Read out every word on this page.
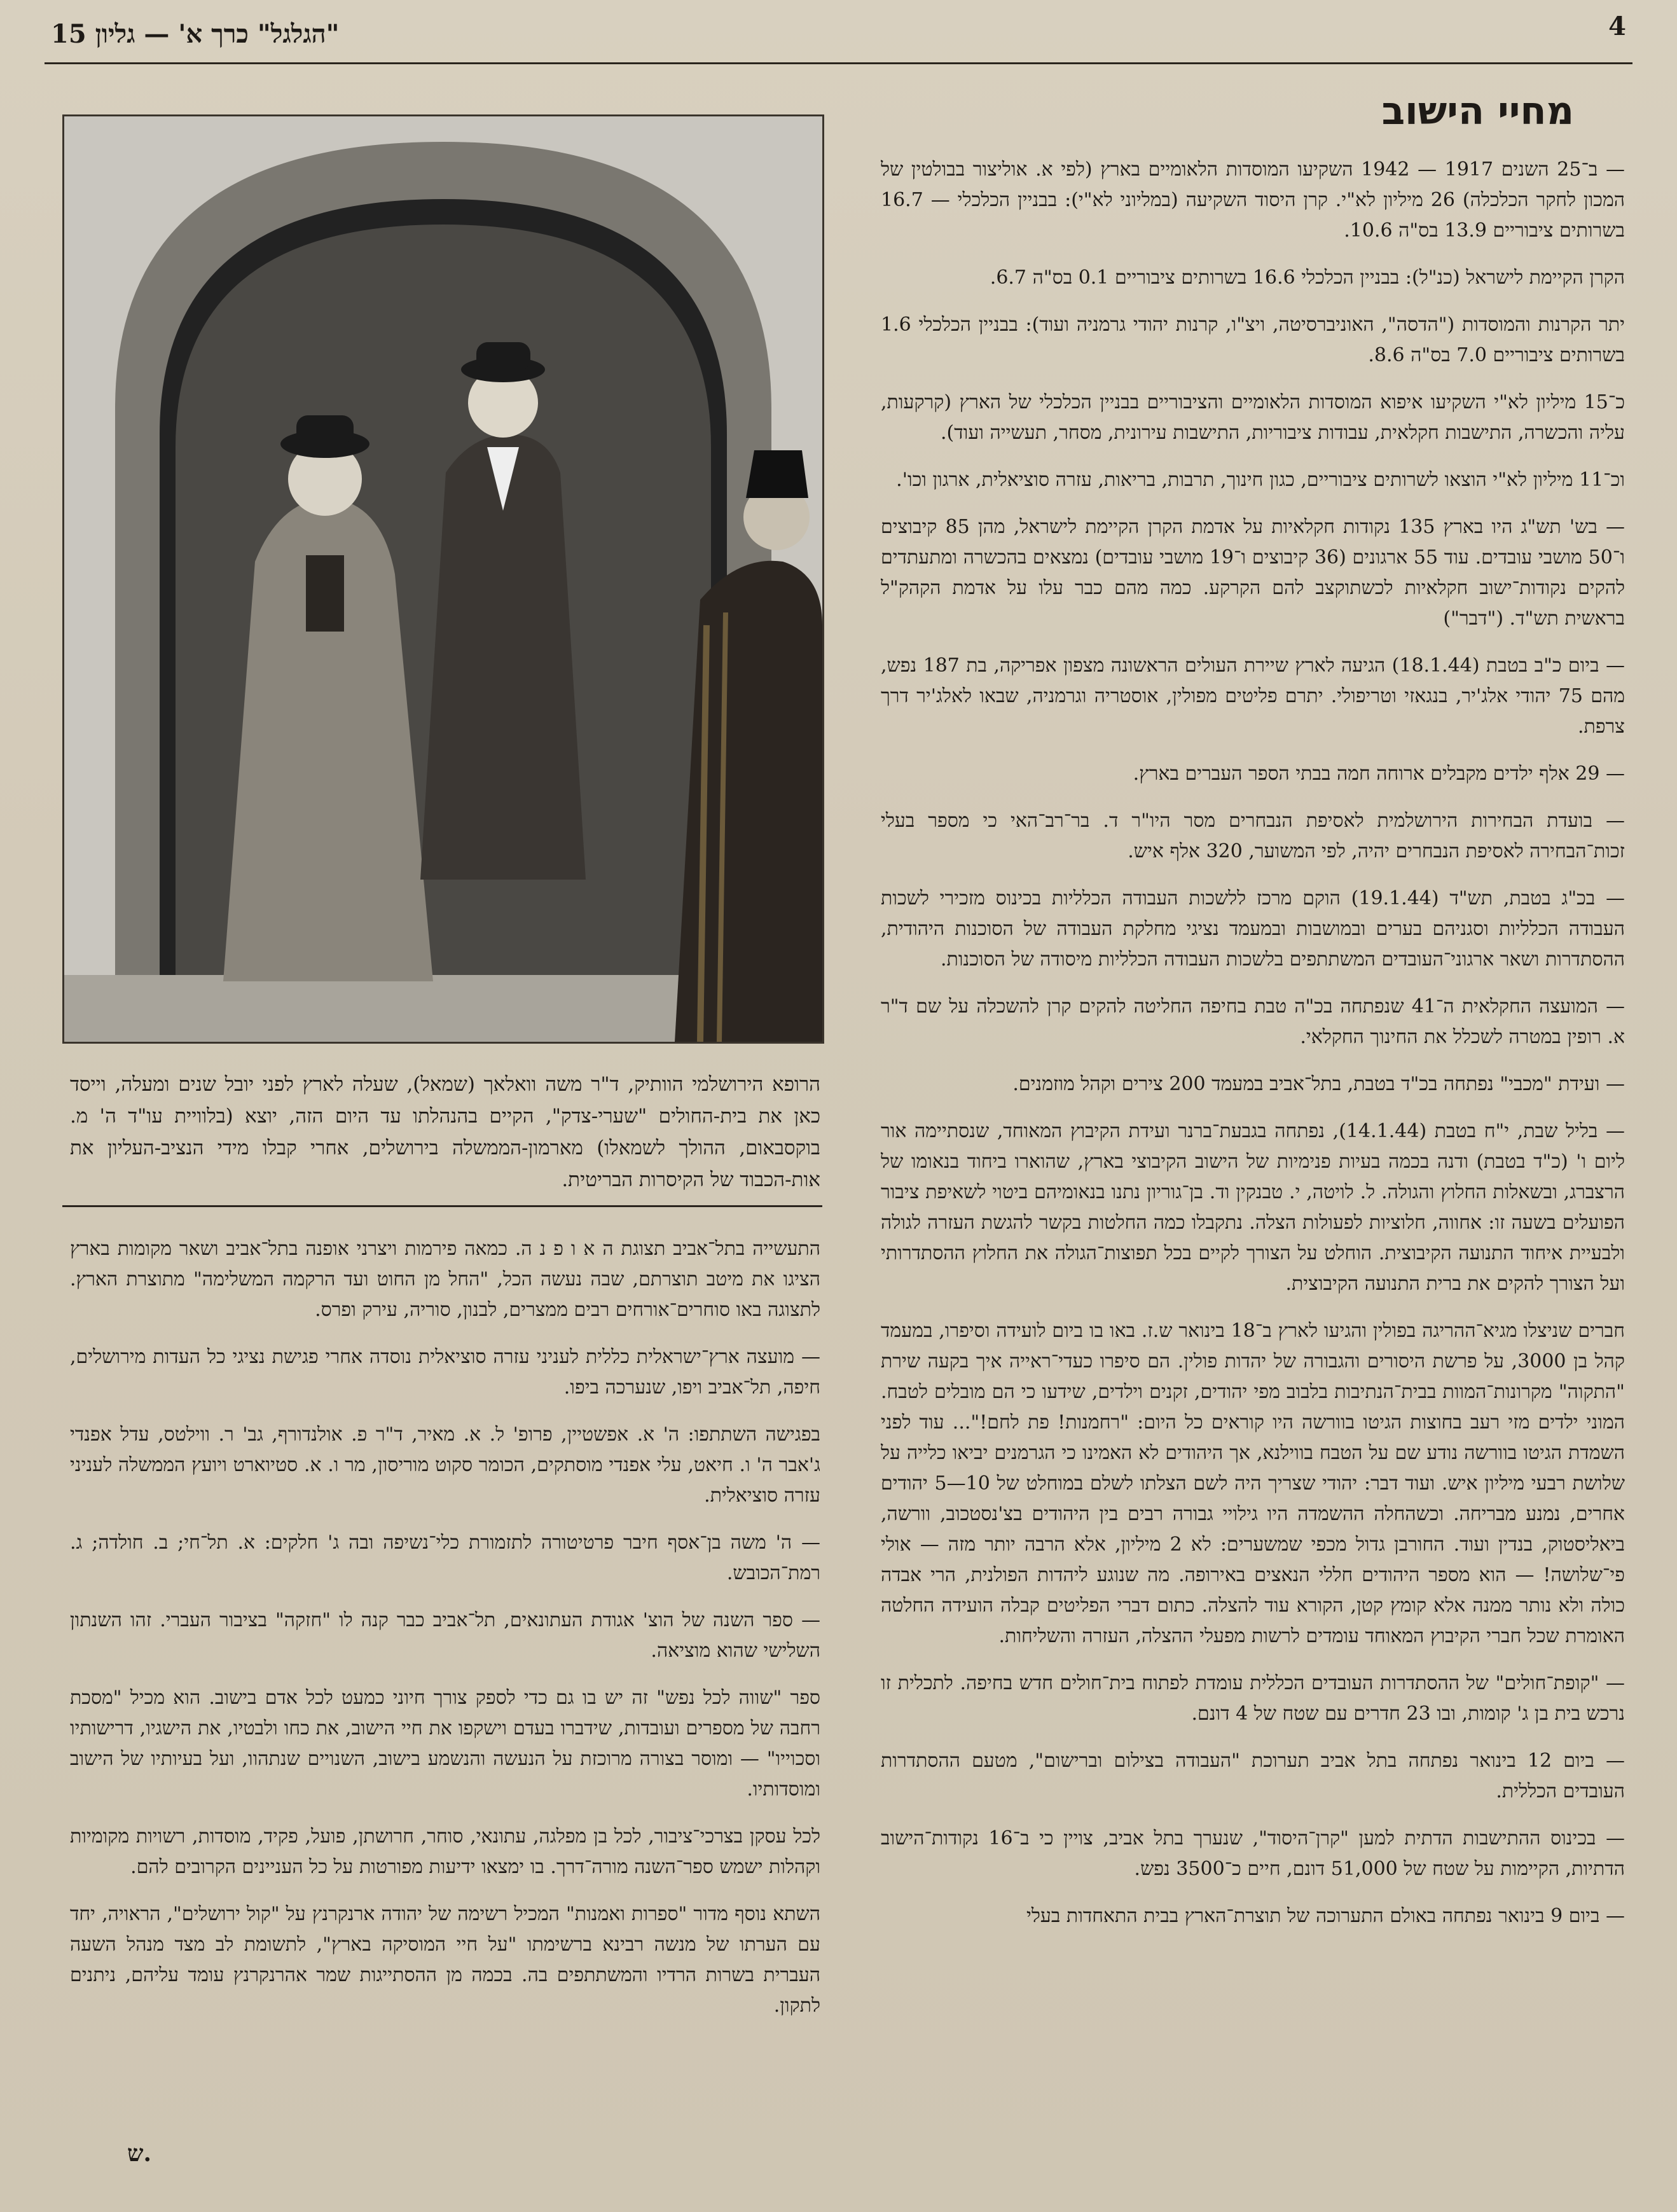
"הגלגל" כרך א' — גליון 15	4
הרופא הירושלמי הוותיק, ד"ר משה וואלאך (שמאל), שעלה לארץ לפני יובל שנים ומעלה, וייסד כאן את בית-החולים "שערי-צדק", הקיים בהנהלתו עד היום הזה, יוצא (בלוויית עו"ד ה' מ. בוקסבאום, ההולך לשמאלו) מארמון-הממשלה בירושלים, אחרי קבלו מידי הנציב-העליון את אות-הכבוד של הקיסרות הבריטית.
מחיי הישוב

— ב־25 השנים 1917 — 1942 השקיעו המוסדות הלאומיים בארץ (לפי א. אוליצור בבולטין של המכון לחקר הכלכלה) 26 מיליון לא"י. קרן היסוד השקיעה (במליוני לא"י): בבניין הכלכלי — 16.7 בשרותים ציבוריים 13.9 בס"ה 10.6.

הקרן הקיימת לישראל (כנ"ל): בבניין הכלכלי 16.6 בשרותים ציבוריים 0.1 בס"ה 6.7.

יתר הקרנות והמוסדות ("הדסה", האוניברסיטה, ויצ"ו, קרנות יהודי גרמניה ועוד): בבניין הכלכלי 1.6 בשרותים ציבוריים 7.0 בס"ה 8.6.

כ־15 מיליון לא"י השקיעו איפוא המוסדות הלאומיים והציבוריים בבניין הכלכלי של הארץ (קרקעות, עליה והכשרה, התישבות חקלאית, עבודות ציבוריות, התישבות עירונית, מסחר, תעשייה ועוד).

וכ־11 מיליון לא"י הוצאו לשרותים ציבוריים, כגון חינוך, תרבות, בריאות, עזרה סוציאלית, ארגון וכו'.

— בש' תש"ג היו בארץ 135 נקודות חקלאיות על אדמת הקרן הקיימת לישראל, מהן 85 קיבוצים ו־50 מושבי עובדים. עוד 55 ארגונים (36 קיבוצים ו־19 מושבי עובדים) נמצאים בהכשרה ומתעתדים להקים נקודות־ישוב חקלאיות לכשתוקצב להם הקרקע. כמה מהם כבר עלו על אדמת הקהק"ל בראשית תש"ד. ("דבר")

— ביום כ"ב בטבת (18.1.44) הגיעה לארץ שיירת העולים הראשונה מצפון אפריקה, בת 187 נפש, מהם 75 יהודי אלג'יר, בנגאזי וטריפולי. יתרם פליטים מפולין, אוסטריה וגרמניה, שבאו לאלג'יר דרך צרפת.

— 29 אלף ילדים מקבלים ארוחה חמה בבתי הספר העברים בארץ.

— בועדת הבחירות הירושלמית לאסיפת הנבחרים מסר היו"ר ד. בר־רב־האי כי מספר בעלי זכות־הבחירה לאסיפת הנבחרים יהיה, לפי המשוער, 320 אלף איש.

— בכ"ג בטבת, תש"ד (19.1.44) הוקם מרכז ללשכות העבודה הכלליות בכינוס מזכירי לשכות העבודה הכלליות וסגניהם בערים ובמושבות ובמעמד נציגי מחלקת העבודה של הסוכנות היהודית, ההסתדרות ושאר ארגוני־העובדים המשתתפים בלשכות העבודה הכלליות מיסודה של הסוכנות.

— המועצה החקלאית ה־41 שנפתחה בכ"ה טבת בחיפה החליטה להקים קרן להשכלה על שם ד"ר א. רופין במטרה לשכלל את החינוך החקלאי.

— ועידת "מכבי" נפתחה בכ"ד בטבת, בתל־אביב במעמד 200 צירים וקהל מוזמנים.

— בליל שבת, י"ח בטבת (14.1.44), נפתחה בגבעת־ברנר ועידת הקיבוץ המאוחד, שנסתיימה אור ליום ו' (כ"ד בטבת) ודנה בכמה בעיות פנימיות של הישוב הקיבוצי בארץ, שהוארו ביחוד בנאומו של הרצברג, ובשאלות החלוץ והגולה. ל. לויטה, י. טבנקין וד. בן־גוריון נתנו בנאומיהם ביטוי לשאיפת ציבור הפועלים בשעה זו: אחווה, חלוציות לפעולות הצלה. נתקבלו כמה החלטות בקשר להגשת העזרה לגולה ולבעיית איחוד התנועה הקיבוצית. הוחלט על הצורך לקיים בכל תפוצות־הגולה את החלוץ ההסתדרותי ועל הצורך להקים את ברית התנועה הקיבוצית.

חברים שניצלו מגיא־ההריגה בפולין והגיעו לארץ ב־18 בינואר ש.ז. באו בו ביום לועידה וסיפרו, במעמד קהל בן 3000, על פרשת היסורים והגבורה של יהדות פולין. הם סיפרו כעדי־ראייה איך בקעה שירת "התקוה" מקרונות־המוות בבית־הנתיבות בלבוב מפי יהודים, זקנים וילדים, שידעו כי הם מובלים לטבח. המוני ילדים מזי רעב בחוצות הגיטו בוורשה היו קוראים כל היום: "רחמנות! פת לחם!"... עוד לפני השמדת הגיטו בוורשה נודע שם על הטבח בווילנא, אך היהודים לא האמינו כי הגרמנים יביאו כלייה על שלושת רבעי מיליון איש. ועוד דבר: יהודי שצריך היה לשם הצלתו לשלם במוחלט של 10—5 יהודים אחרים, נמנע מבריחה. וכשהחלה ההשמדה היו גילויי גבורה רבים בין היהודים בצ'נסטכוב, וורשה, ביאליסטוק, בנדין ועוד. החורבן גדול מכפי שמשערים: לא 2 מיליון, אלא הרבה יותר מזה — אולי פי־שלושה! — הוא מספר היהודים חללי הנאצים באירופה. מה שנוגע ליהדות הפולנית, הרי אבדה כולה ולא נותר ממנה אלא קומץ קטן, הקורא עוד להצלה. כתום דברי הפליטים קבלה הועידה החלטה האומרת שכל חברי הקיבוץ המאוחד עומדים לרשות מפעלי ההצלה, העזרה והשליחות.

— "קופת־חולים" של ההסתדרות העובדים הכללית עומדת לפתוח בית־חולים חדש בחיפה. לתכלית זו נרכש בית בן ג' קומות, ובו 23 חדרים עם שטח של 4 דונם.

— ביום 12 בינואר נפתחה בתל אביב תערוכת "העבודה בצילום וברישום", מטעם ההסתדרות העובדים הכללית.

— בכינוס ההתישבות הדתית למען "קרן־היסוד", שנערך בתל אביב, צויין כי ב־16 נקודות־הישוב הדתיות, הקיימות על שטח של 51,000 דונם, חיים כ־3500 נפש.

— ביום 9 בינואר נפתחה באולם התערוכה של תוצרת־הארץ בבית התאחדות בעלי

התעשייה בתל־אביב תצוגת ה א ו פ נ ה. כמאה פירמות ויצרני אופנה בתל־אביב ושאר מקומות בארץ הציגו את מיטב תוצרתם, שבה נעשה הכל, "החל מן החוט ועד הרקמה המשלימה" מתוצרת הארץ. לתצוגה באו סוחרים־אורחים רבים ממצרים, לבנון, סוריה, עירק ופרס.

— מועצה ארץ־ישראלית כללית לעניני עזרה סוציאלית נוסדה אחרי פגישת נציגי כל העדות מירושלים, חיפה, תל־אביב ויפו, שנערכה ביפו.

בפגישה השתתפו: ה' א. אפשטיין, פרופ' ל. א. מאיר, ד"ר פ. אולנדורף, גב' ר. ווילטס, עדל אפנדי ג'אבר ה' ו. חיאט, עלי אפנדי מוסתקים, הכומר סקוט מוריסון, מר ו. א. סטיוארט ויועץ הממשלה לעניני עזרה סוציאלית.

— ה' משה בן־אסף חיבר פרטיטורה לתזמורת כלי־נשיפה ובה ג' חלקים: א. תל־חי; ב. חולדה; ג. רמת־הכובש.

— ספר השנה של הוצ' אגודת העתונאים, תל־אביב כבר קנה לו "חזקה" בציבור העברי. זהו השנתון השלישי שהוא מוציאה.

ספר "שווה לכל נפש" זה יש בו גם כדי לספק צורך חיוני כמעט לכל אדם בישוב. הוא מכיל "מסכת רחבה של מספרים ועובדות, שידברו בעדם וישקפו את חיי הישוב, את כחו ולבטיו, את הישגיו, דרישותיו וסכוייו" — ומוסר בצורה מרוכזת על הנעשה והנשמע בישוב, השנויים שנתהוו, ועל בעיותיו של הישוב ומוסדותיו.

לכל עסקן בצרכי־ציבור, לכל בן מפלגה, עתונאי, סוחר, חרושתן, פועל, פקיד, מוסדות, רשויות מקומיות וקהלות ישמש ספר־השנה מורה־דרך. בו ימצאו ידיעות מפורטות על כל העניינים הקרובים להם.

השתא נוסף מדור "ספרות ואמנות" המכיל רשימה של יהודה ארנקרנץ על "קול ירושלים", הראויה, יחד עם הערתו של מנשה רבינא ברשימתו "על חיי המוסיקה בארץ", לתשומת לב מצד מנהל השעה העברית בשרות הרדיו והמשתתפים בה. בכמה מן ההסתייגות שמר אהרנקרנץ עומד עליהם, ניתנים לתקון.

ש.
